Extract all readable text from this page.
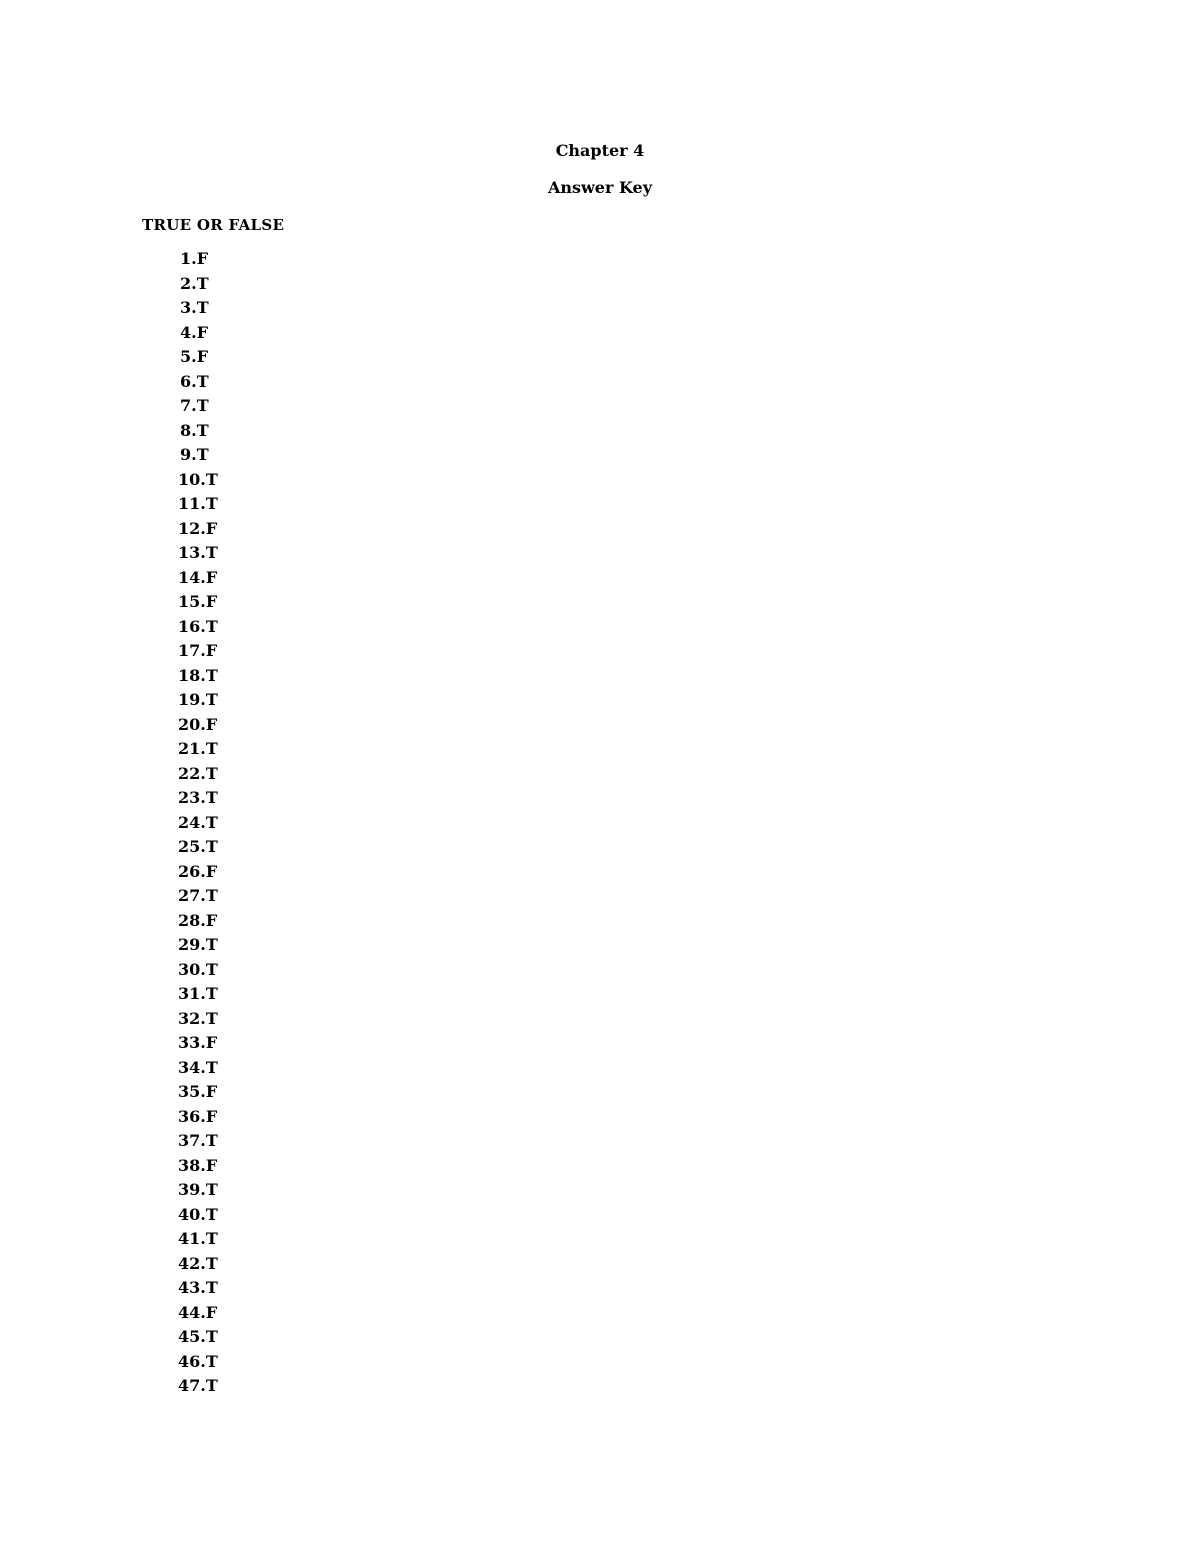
Chapter 4
Answer Key
TRUE OR FALSE
1.F
2.T
3.T
4.F
5.F
6.T
7.T
8.T
9.T
10.T
11.T
12.F
13.T
14.F
15.F
16.T
17.F
18.T
19.T
20.F
21.T
22.T
23.T
24.T
25.T
26.F
27.T
28.F
29.T
30.T
31.T
32.T
33.F
34.T
35.F
36.F
37.T
38.F
39.T
40.T
41.T
42.T
43.T
44.F
45.T
46.T
47.T
